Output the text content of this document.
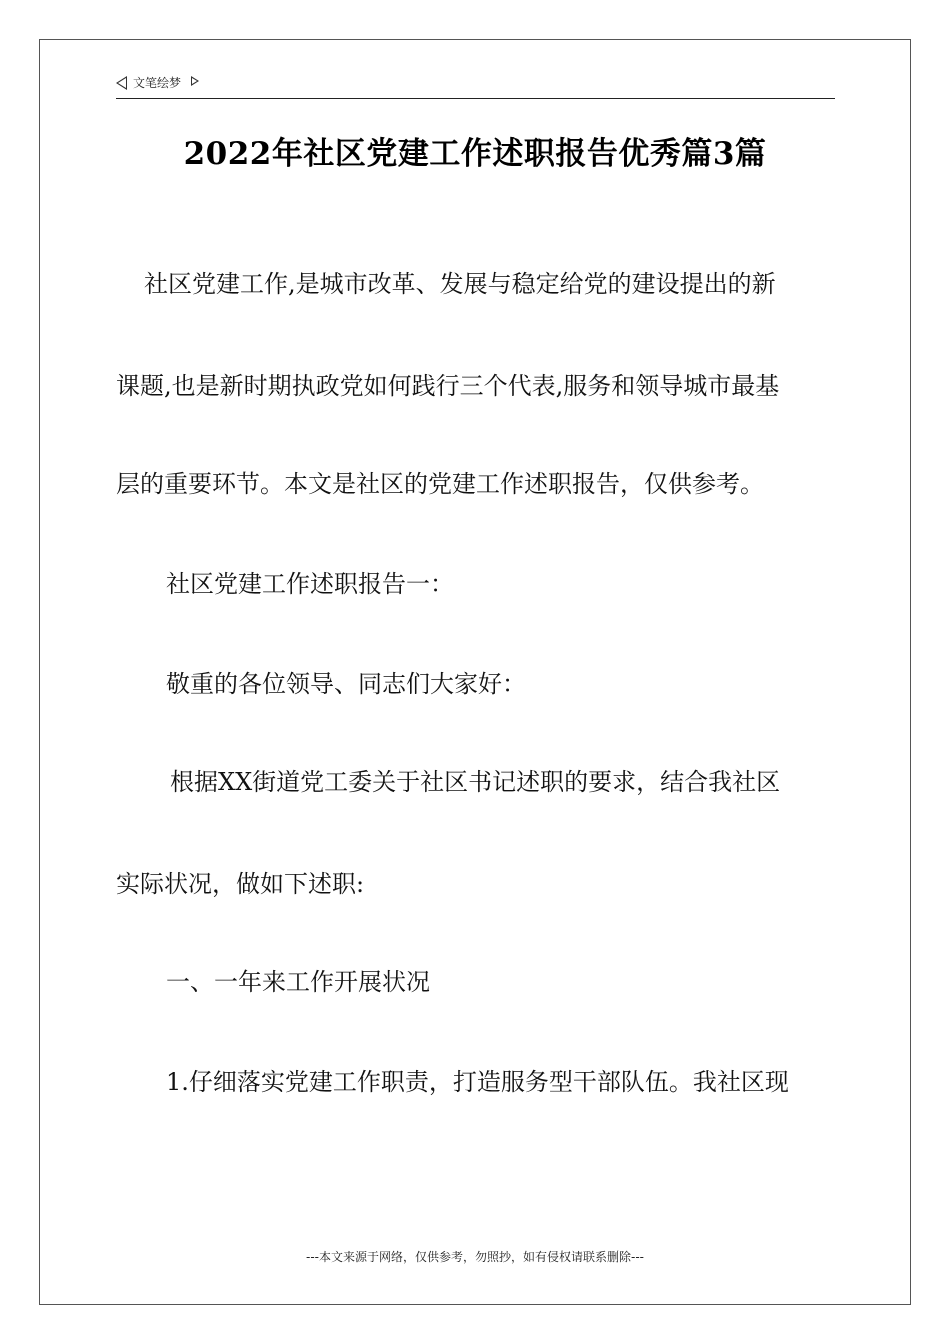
文笔绘梦
2022年社区党建工作述职报告优秀篇3篇
社区党建工作,是城市改革、发展与稳定给党的建设提出的新
课题,也是新时期执政党如何践行三个代表,服务和领导城市最基
层的重要环节。本文是社区的党建工作述职报告，仅供参考。
社区党建工作述职报告一：
敬重的各位领导、同志们大家好：
根据XX街道党工委关于社区书记述职的要求，结合我社区
实际状况，做如下述职:
一、一年来工作开展状况
1.仔细落实党建工作职责，打造服务型干部队伍。我社区现
---本文来源于网络，仅供参考，勿照抄，如有侵权请联系删除---
